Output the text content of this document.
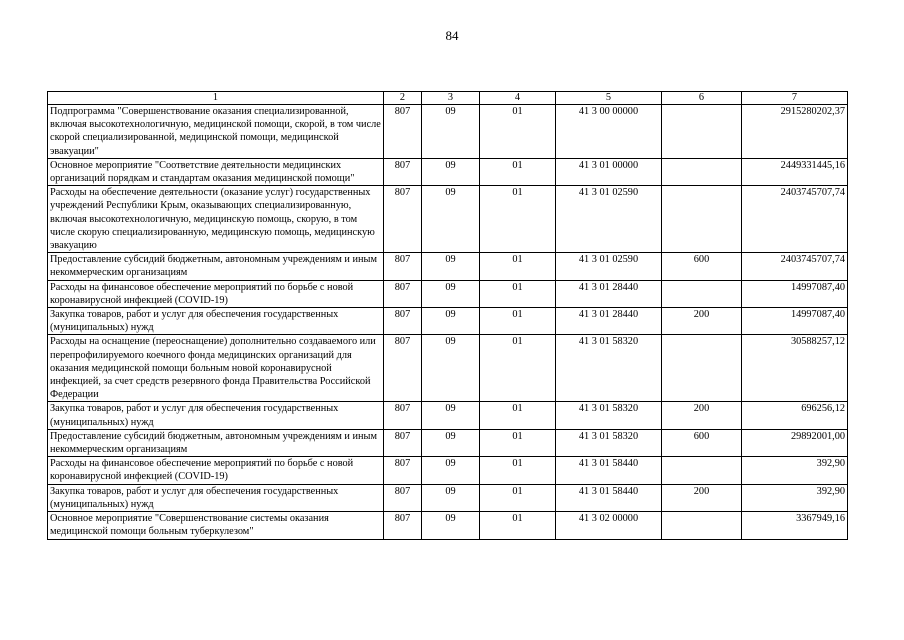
84
1	2	3	4	5	6	7
Подпрограмма "Совершенствование оказания специализированной, включая высокотехнологичную, медицинской помощи, скорой, в том числе скорой специализированной, медицинской помощи, медицинской эвакуации"	807	09	01	41 3 00 00000		2915280202,37
Основное мероприятие "Соответствие деятельности медицинских организаций порядкам и стандартам оказания медицинской помощи"	807	09	01	41 3 01 00000		2449331445,16
Расходы на обеспечение деятельности (оказание услуг) государственных учреждений Республики Крым, оказывающих специализированную, включая высокотехнологичную, медицинскую помощь, скорую, в том числе скорую специализированную, медицинскую помощь, медицинскую эвакуацию	807	09	01	41 3 01 02590		2403745707,74
Предоставление субсидий бюджетным, автономным учреждениям и иным некоммерческим организациям	807	09	01	41 3 01 02590	600	2403745707,74
Расходы на финансовое обеспечение мероприятий по борьбе с новой коронавирусной инфекцией (COVID-19)	807	09	01	41 3 01 28440		14997087,40
Закупка товаров, работ и услуг для обеспечения государственных (муниципальных) нужд	807	09	01	41 3 01 28440	200	14997087,40
Расходы на оснащение (переоснащение) дополнительно создаваемого или перепрофилируемого коечного фонда медицинских организаций для оказания медицинской помощи больным новой коронавирусной инфекцией, за счет средств резервного фонда Правительства Российской Федерации	807	09	01	41 3 01 58320		30588257,12
Закупка товаров, работ и услуг для обеспечения государственных (муниципальных) нужд	807	09	01	41 3 01 58320	200	696256,12
Предоставление субсидий бюджетным, автономным учреждениям и иным некоммерческим организациям	807	09	01	41 3 01 58320	600	29892001,00
Расходы на финансовое обеспечение мероприятий по борьбе с новой коронавирусной инфекцией (COVID-19)	807	09	01	41 3 01 58440		392,90
Закупка товаров, работ и услуг для обеспечения государственных (муниципальных) нужд	807	09	01	41 3 01 58440	200	392,90
Основное мероприятие "Совершенствование системы оказания медицинской помощи больным туберкулезом"	807	09	01	41 3 02 00000		3367949,16
